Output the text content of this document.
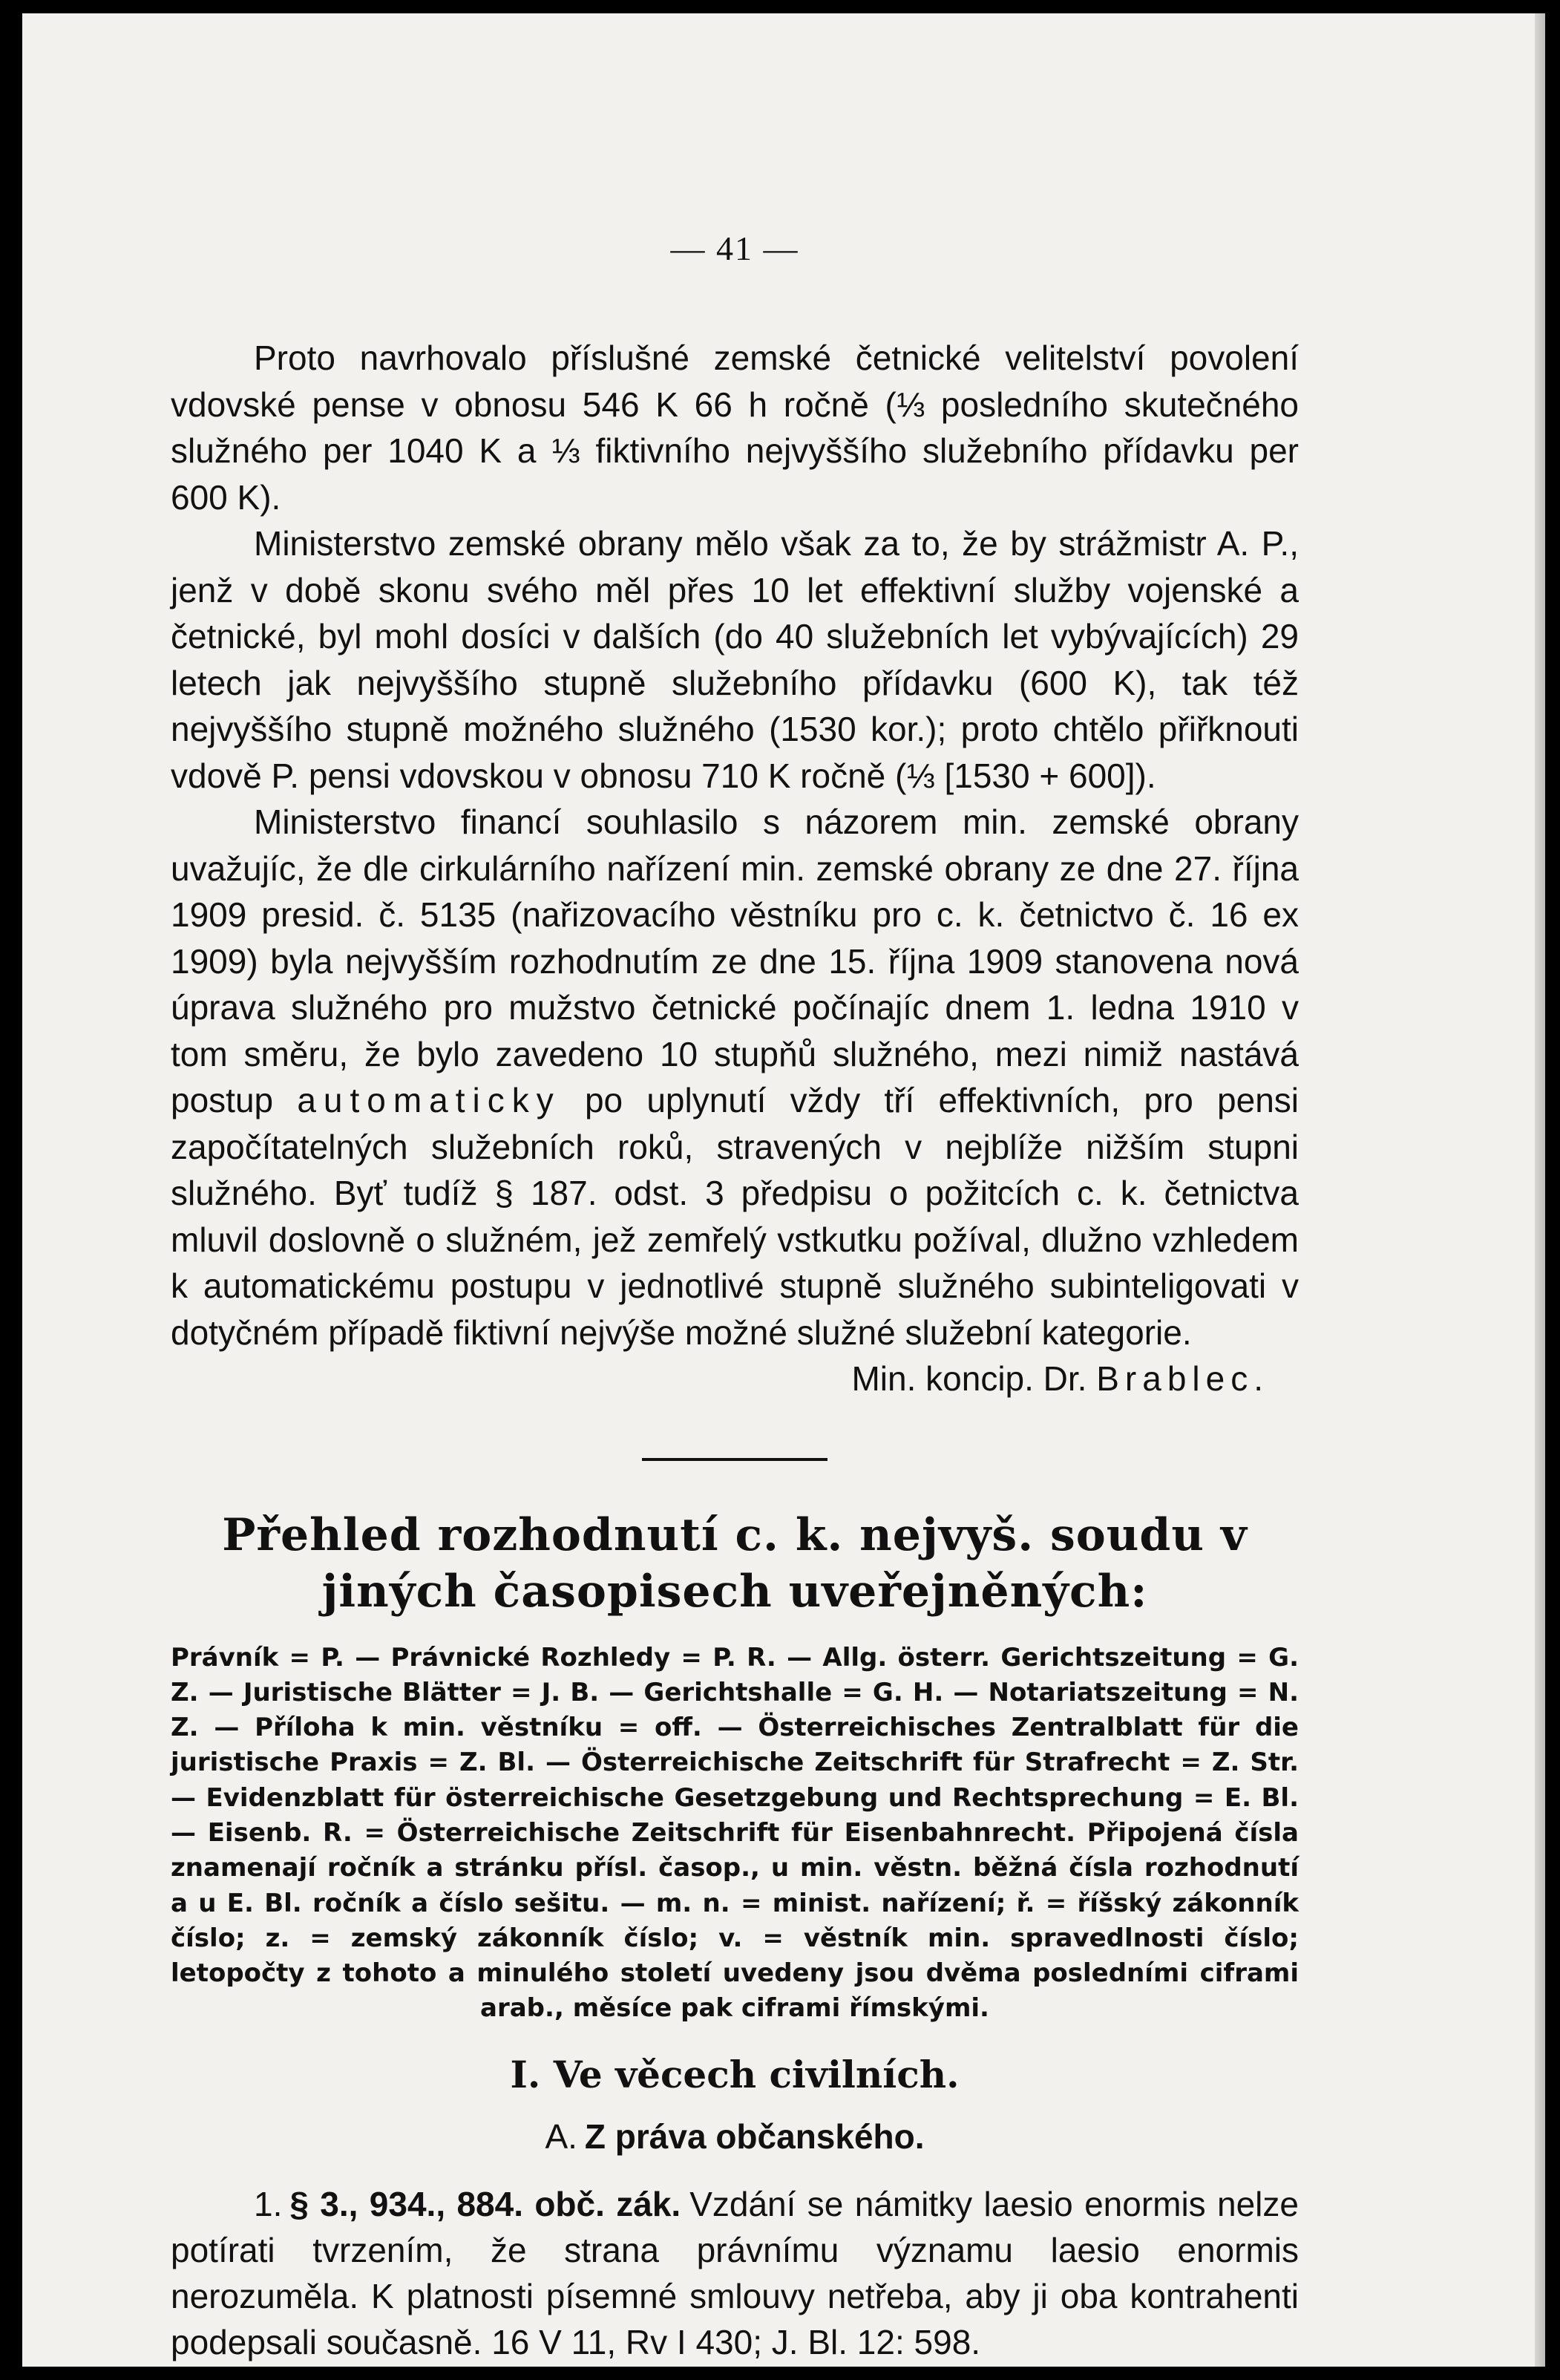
— 41 —

Proto navrhovalo příslušné zemské četnické velitelství povolení vdovské pense v obnosu 546 K 66 h ročně (⅓ posledního skutečného služného per 1040 K a ⅓ fiktivního nejvyššího služebního přídavku per 600 K).

Ministerstvo zemské obrany mělo však za to, že by strážmistr A. P., jenž v době skonu svého měl přes 10 let effektivní služby vojenské a četnické, byl mohl dosíci v dalších (do 40 služebních let vybývajících) 29 letech jak nejvyššího stupně služebního přídavku (600 K), tak též nejvyššího stupně možného služného (1530 kor.); proto chtělo přiřknouti vdově P. pensi vdovskou v obnosu 710 K ročně (⅓ [1530 + 600]).

Ministerstvo financí souhlasilo s názorem min. zemské obrany uvažujíc, že dle cirkulárního nařízení min. zemské obrany ze dne 27. října 1909 presid. č. 5135 (nařizovacího věstníku pro c. k. četnictvo č. 16 ex 1909) byla nejvyšším rozhodnutím ze dne 15. října 1909 stanovena nová úprava služného pro mužstvo četnické počínajíc dnem 1. ledna 1910 v tom směru, že bylo zavedeno 10 stupňů služného, mezi nimiž nastává postup automaticky po uplynutí vždy tří effektivních, pro pensi započítatelných služebních roků, stravených v nejblíže nižším stupni služného. Byť tudíž § 187. odst. 3 předpisu o požitcích c. k. četnictva mluvil doslovně o služném, jež zemřelý vstkutku požíval, dlužno vzhledem k automatickému postupu v jednotlivé stupně služného subinteligovati v dotyčném případě fiktivní nejvýše možné služné služební kategorie.

Min. koncip. Dr. Brablec.

Přehled rozhodnutí c. k. nejvyš. soudu v jiných časopisech uveřejněných:

Právník = P. — Právnické Rozhledy = P. R. — Allg. österr. Gerichtszeitung = G. Z. — Juristische Blätter = J. B. — Gerichtshalle = G. H. — Notariatszeitung = N. Z. — Příloha k min. věstníku = off. — Österreichisches Zentralblatt für die juristische Praxis = Z. Bl. — Österreichische Zeitschrift für Strafrecht = Z. Str. — Evidenzblatt für österreichische Gesetzgebung und Rechtsprechung = E. Bl. — Eisenb. R. = Österreichische Zeitschrift für Eisenbahnrecht. Připojená čísla znamenají ročník a stránku přísl. časop., u min. věstn. běžná čísla rozhodnutí a u E. Bl. ročník a číslo sešitu. — m. n. = minist. nařízení; ř. = říšský zákonník číslo; z. = zemský zákonník číslo; v. = věstník min. spravedlnosti číslo; letopočty z tohoto a minulého století uvedeny jsou dvěma posledními ciframi arab., měsíce pak ciframi římskými.

I. Ve věcech civilních.
A. Z práva občanského.

1. § 3., 934., 884. obč. zák. Vzdání se námitky laesio enormis nelze potírati tvrzením, že strana právnímu významu laesio enormis nerozuměla. K platnosti písemné smlouvy netřeba, aby ji oba kontrahenti podepsali současně. 16 V 11, Rv I 430; J. Bl. 12: 598.
